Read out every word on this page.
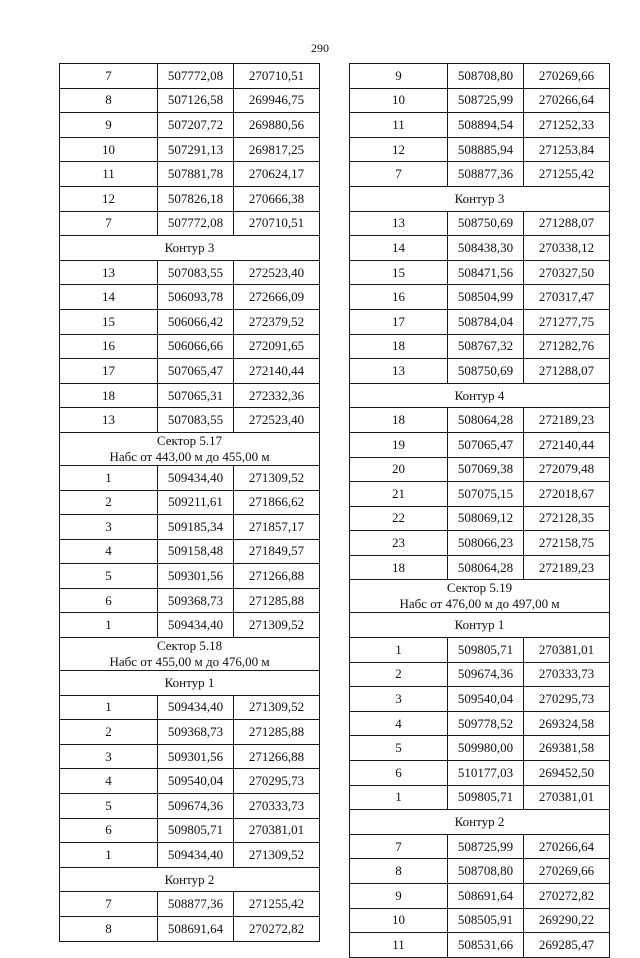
290
7	507772,08	270710,51
8	507126,58	269946,75
9	507207,72	269880,56
10	507291,13	269817,25
11	507881,78	270624,17
12	507826,18	270666,38
7	507772,08	270710,51

Контур 3		

13	507083,55	272523,40
14	506093,78	272666,09
15	506066,42	272379,52
16	506066,66	272091,65
17	507065,47	272140,44
18	507065,31	272332,36
13	507083,55	272523,40

Сектор 5.17
Набс от 443,00 м до 455,00 м		

1	509434,40	271309,52
2	509211,61	271866,62
3	509185,34	271857,17
4	509158,48	271849,57
5	509301,56	271266,88
6	509368,73	271285,88
1	509434,40	271309,52

Сектор 5.18
Набс от 455,00 м до 476,00 м		

Контур 1		

1	509434,40	271309,52
2	509368,73	271285,88
3	509301,56	271266,88
4	509540,04	270295,73
5	509674,36	270333,73
6	509805,71	270381,01
1	509434,40	271309,52

Контур 2		

7	508877,36	271255,42
8	508691,64	270272,82
9	508708,80	270269,66
10	508725,99	270266,64
11	508894,54	271252,33
12	508885,94	271253,84
7	508877,36	271255,42

Контур 3		

13	508750,69	271288,07
14	508438,30	270338,12
15	508471,56	270327,50
16	508504,99	270317,47
17	508784,04	271277,75
18	508767,32	271282,76
13	508750,69	271288,07

Контур 4		

18	508064,28	272189,23
19	507065,47	272140,44
20	507069,38	272079,48
21	507075,15	272018,67
22	508069,12	272128,35
23	508066,23	272158,75
18	508064,28	272189,23

Сектор 5.19
Набс от 476,00 м до 497,00 м		

Контур 1		

1	509805,71	270381,01
2	509674,36	270333,73
3	509540,04	270295,73
4	509778,52	269324,58
5	509980,00	269381,58
6	510177,03	269452,50
1	509805,71	270381,01

Контур 2		

7	508725,99	270266,64
8	508708,80	270269,66
9	508691,64	270272,82
10	508505,91	269290,22
11	508531,66	269285,47
